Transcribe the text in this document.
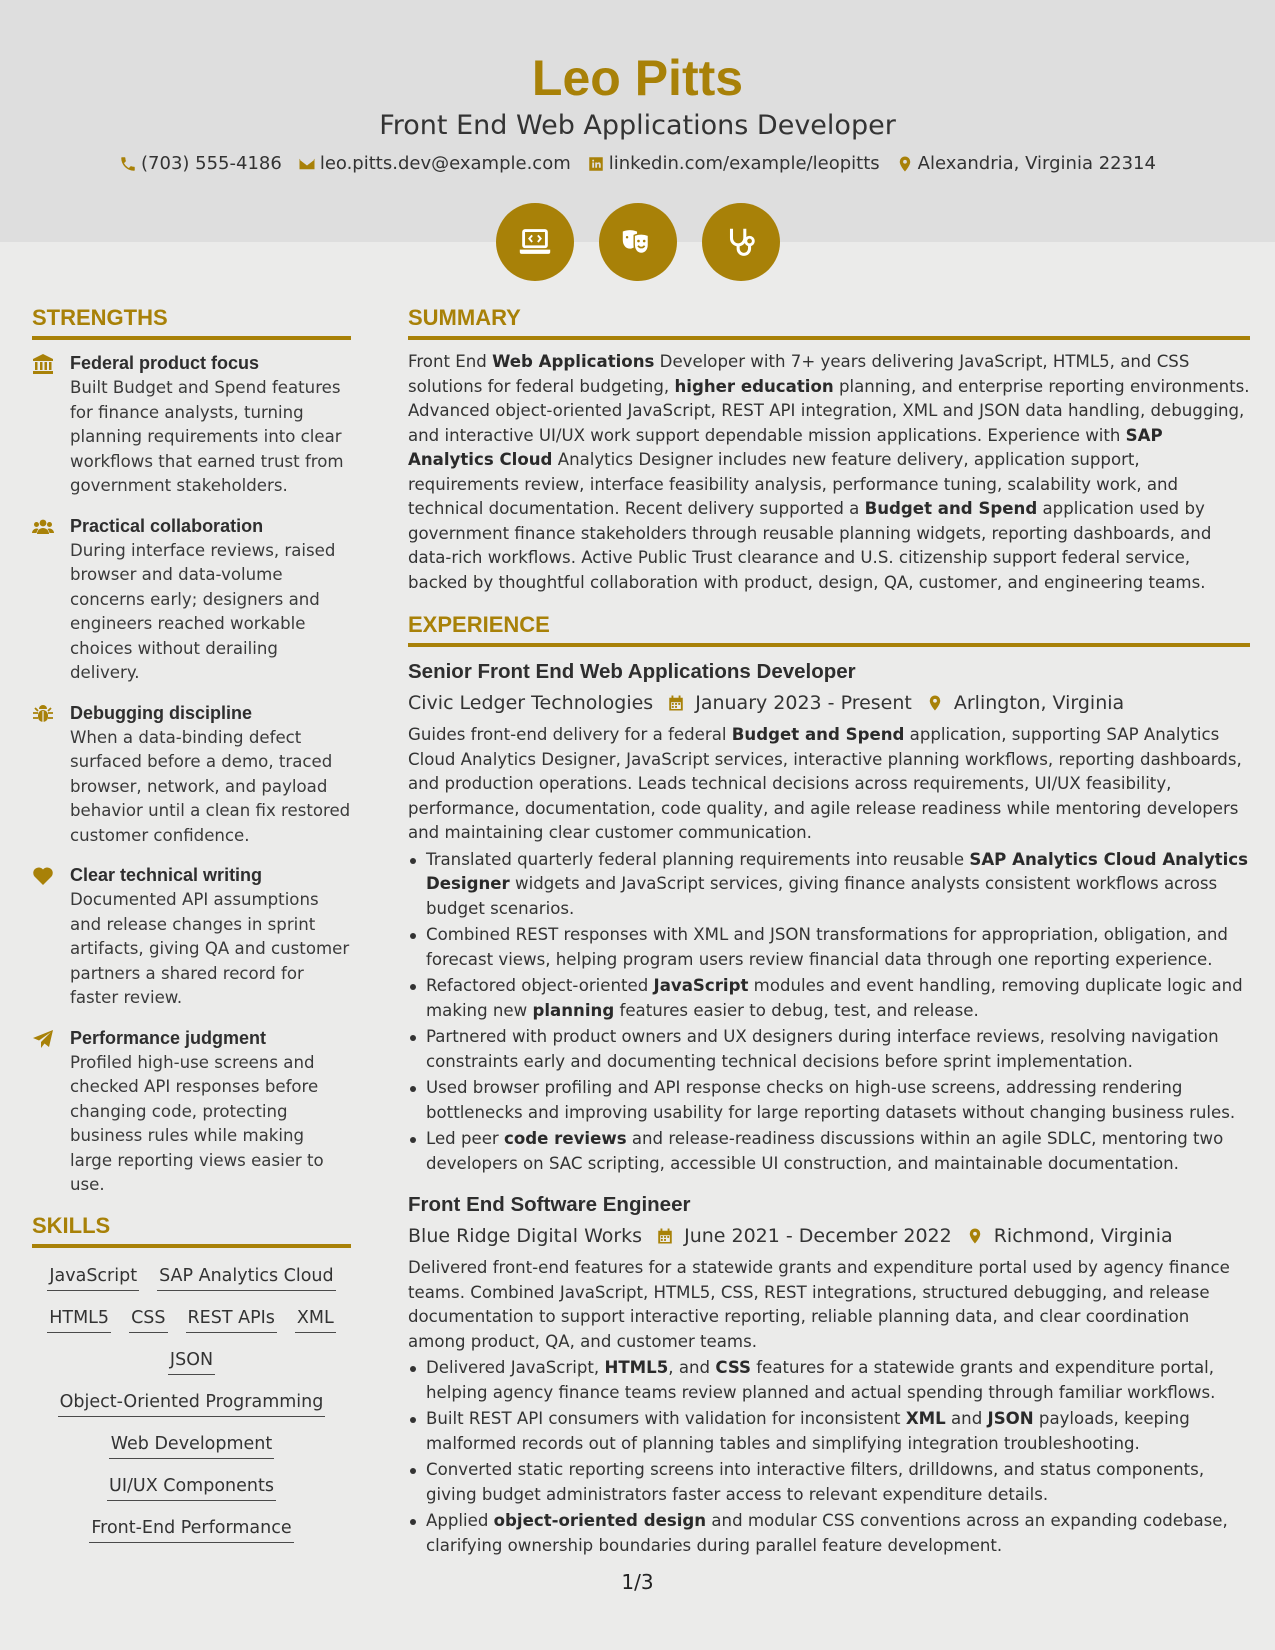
Leo Pitts
Front End Web Applications Developer
(703) 555-4186 leo.pitts.dev@example.com linkedin.com/example/leopitts Alexandria, Virginia 22314
STRENGTHS
Federal product focus
Built Budget and Spend features for finance analysts, turning planning requirements into clear workflows that earned trust from government stakeholders.
Practical collaboration
During interface reviews, raised browser and data-volume concerns early; designers and engineers reached workable choices without derailing delivery.
Debugging discipline
When a data-binding defect surfaced before a demo, traced browser, network, and payload behavior until a clean fix restored customer confidence.
Clear technical writing
Documented API assumptions and release changes in sprint artifacts, giving QA and customer partners a shared record for faster review.
Performance judgment
Profiled high-use screens and checked API responses before changing code, protecting business rules while making large reporting views easier to use.
SKILLS
JavaScript SAP Analytics Cloud
HTML5 CSS REST APIs XML
JSON
Object-Oriented Programming
Web Development
UI/UX Components
Front-End Performance
SUMMARY
Front End Web Applications Developer with 7+ years delivering JavaScript, HTML5, and CSS solutions for federal budgeting, higher education planning, and enterprise reporting environments. Advanced object-oriented JavaScript, REST API integration, XML and JSON data handling, debugging, and interactive UI/UX work support dependable mission applications. Experience with SAP Analytics Cloud Analytics Designer includes new feature delivery, application support, requirements review, interface feasibility analysis, performance tuning, scalability work, and technical documentation. Recent delivery supported a Budget and Spend application used by government finance stakeholders through reusable planning widgets, reporting dashboards, and data-rich workflows. Active Public Trust clearance and U.S. citizenship support federal service, backed by thoughtful collaboration with product, design, QA, customer, and engineering teams.
EXPERIENCE
Senior Front End Web Applications Developer
Civic Ledger Technologies January 2023 - Present Arlington, Virginia
Guides front-end delivery for a federal Budget and Spend application, supporting SAP Analytics Cloud Analytics Designer, JavaScript services, interactive planning workflows, reporting dashboards, and production operations. Leads technical decisions across requirements, UI/UX feasibility, performance, documentation, code quality, and agile release readiness while mentoring developers and maintaining clear customer communication.
Translated quarterly federal planning requirements into reusable SAP Analytics Cloud Analytics Designer widgets and JavaScript services, giving finance analysts consistent workflows across budget scenarios.
Combined REST responses with XML and JSON transformations for appropriation, obligation, and forecast views, helping program users review financial data through one reporting experience.
Refactored object-oriented JavaScript modules and event handling, removing duplicate logic and making new planning features easier to debug, test, and release.
Partnered with product owners and UX designers during interface reviews, resolving navigation constraints early and documenting technical decisions before sprint implementation.
Used browser profiling and API response checks on high-use screens, addressing rendering bottlenecks and improving usability for large reporting datasets without changing business rules.
Led peer code reviews and release-readiness discussions within an agile SDLC, mentoring two developers on SAC scripting, accessible UI construction, and maintainable documentation.
Front End Software Engineer
Blue Ridge Digital Works June 2021 - December 2022 Richmond, Virginia
Delivered front-end features for a statewide grants and expenditure portal used by agency finance teams. Combined JavaScript, HTML5, CSS, REST integrations, structured debugging, and release documentation to support interactive reporting, reliable planning data, and clear coordination among product, QA, and customer teams.
Delivered JavaScript, HTML5, and CSS features for a statewide grants and expenditure portal, helping agency finance teams review planned and actual spending through familiar workflows.
Built REST API consumers with validation for inconsistent XML and JSON payloads, keeping malformed records out of planning tables and simplifying integration troubleshooting.
Converted static reporting screens into interactive filters, drilldowns, and status components, giving budget administrators faster access to relevant expenditure details.
Applied object-oriented design and modular CSS conventions across an expanding codebase, clarifying ownership boundaries during parallel feature development.
1/3
